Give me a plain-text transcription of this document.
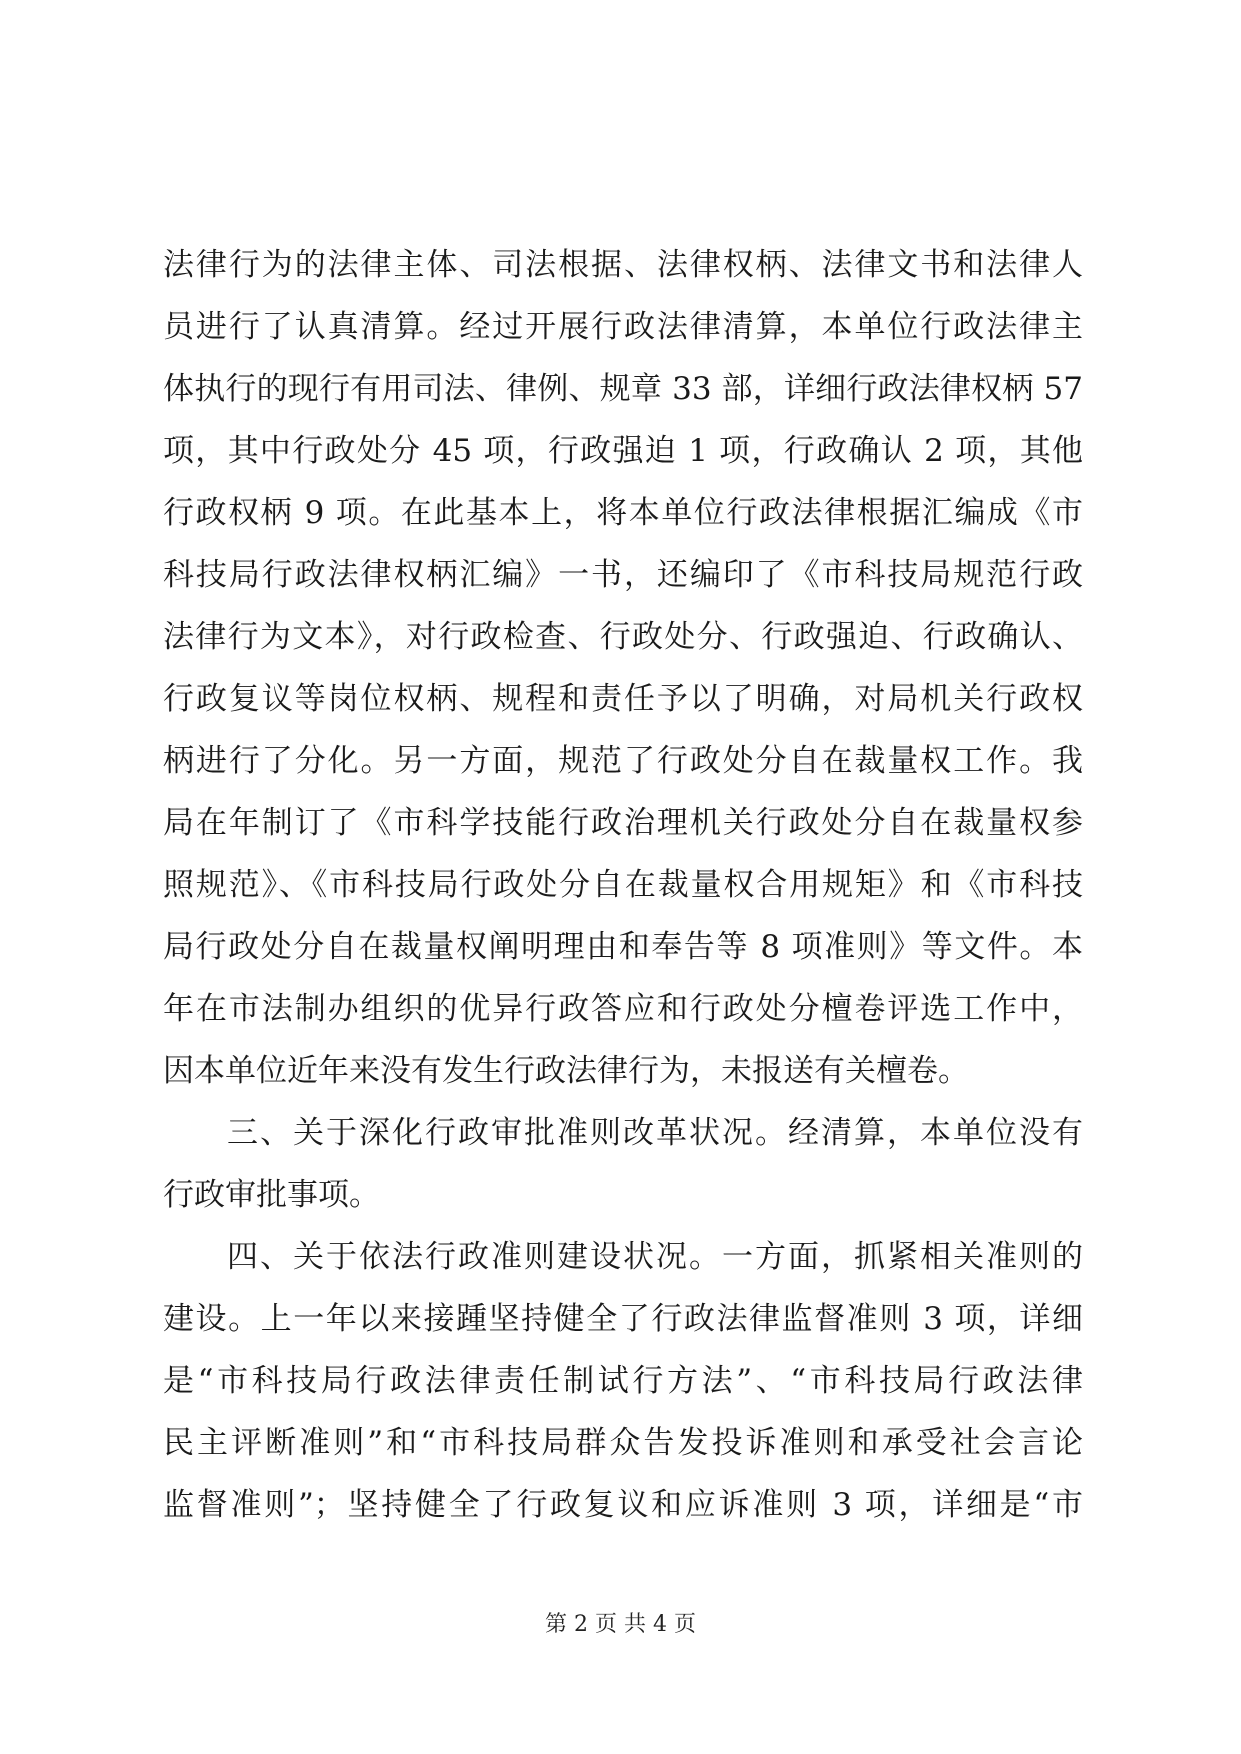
法律行为的法律主体、司法根据、法律权柄、法律文书和法律人
员进行了认真清算。经过开展行政法律清算，本单位行政法律主
体执行的现行有用司法、律例、规章 33 部，详细行政法律权柄 57
项，其中行政处分 45 项，行政强迫 1 项，行政确认 2 项，其他
行政权柄 9 项。在此基本上，将本单位行政法律根据汇编成《市
科技局行政法律权柄汇编》一书，还编印了《市科技局规范行政
法律行为文本》，对行政检查、行政处分、行政强迫、行政确认、
行政复议等岗位权柄、规程和责任予以了明确，对局机关行政权
柄进行了分化。另一方面，规范了行政处分自在裁量权工作。我
局在年制订了《市科学技能行政治理机关行政处分自在裁量权参
照规范》、《市科技局行政处分自在裁量权合用规矩》和《市科技
局行政处分自在裁量权阐明理由和奉告等 8 项准则》等文件。本
年在市法制办组织的优异行政答应和行政处分檀卷评选工作中，
因本单位近年来没有发生行政法律行为，未报送有关檀卷。
三、关于深化行政审批准则改革状况。经清算，本单位没有
行政审批事项。
四、关于依法行政准则建设状况。一方面，抓紧相关准则的
建设。上一年以来接踵坚持健全了行政法律监督准则 3 项，详细
是“市科技局行政法律责任制试行方法”、“市科技局行政法律
民主评断准则”和“市科技局群众告发投诉准则和承受社会言论
监督准则”；坚持健全了行政复议和应诉准则 3 项，详细是“市
第 2 页 共 4 页
